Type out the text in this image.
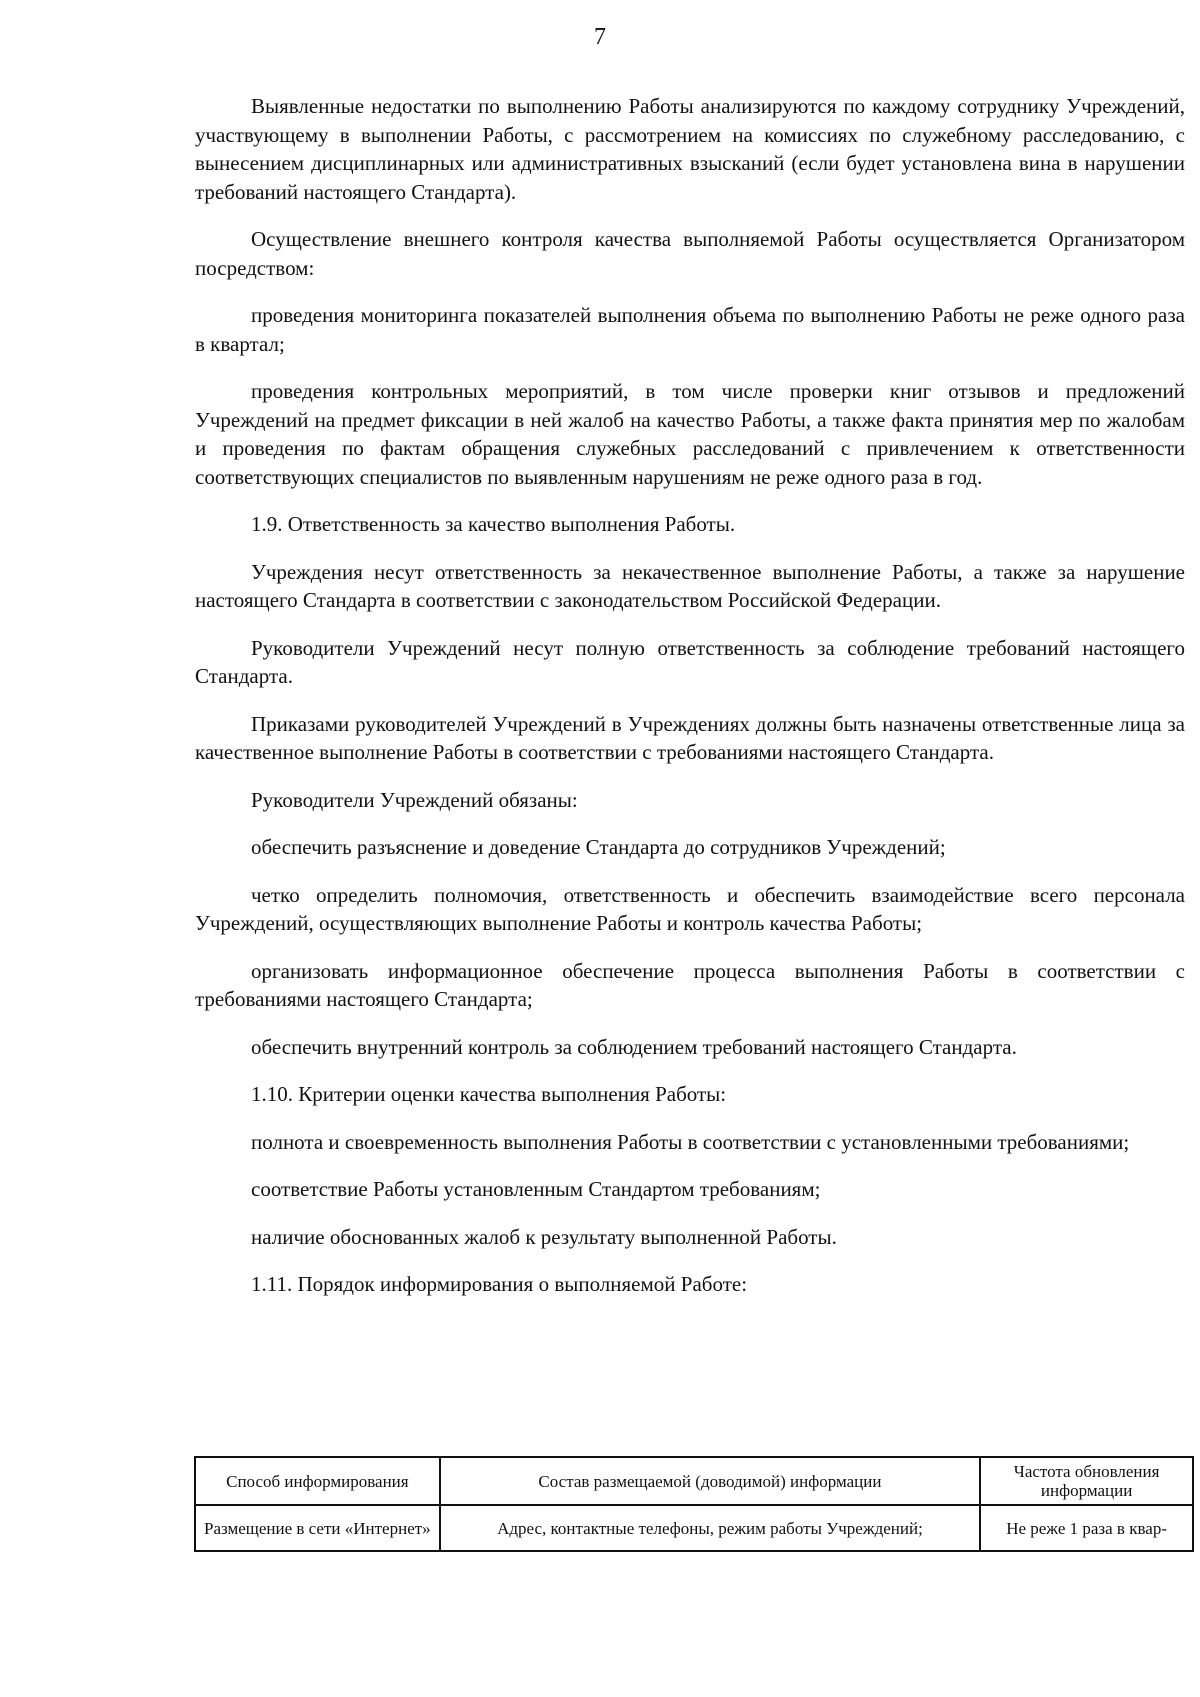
7

Выявленные недостатки по выполнению Работы анализируются по каждому сотруднику Учреждений, участвующему в выполнении Работы, с рассмотрением на комиссиях по служебному расследованию, с вынесением дисциплинарных или административных взысканий (если будет установлена вина в нарушении требований настоящего Стандарта).

Осуществление внешнего контроля качества выполняемой Работы осуществляется Организатором посредством:

проведения мониторинга показателей выполнения объема по выполнению Работы не реже одного раза в квартал;

проведения контрольных мероприятий, в том числе проверки книг отзывов и предложений Учреждений на предмет фиксации в ней жалоб на качество Работы, а также факта принятия мер по жалобам и проведения по фактам обращения служебных расследований с привлечением к ответственности соответствующих специалистов по выявленным нарушениям не реже одного раза в год.

1.9. Ответственность за качество выполнения Работы.

Учреждения несут ответственность за некачественное выполнение Работы, а также за нарушение настоящего Стандарта в соответствии с законодательством Российской Федерации.

Руководители Учреждений несут полную ответственность за соблюдение требований настоящего Стандарта.

Приказами руководителей Учреждений в Учреждениях должны быть назначены ответственные лица за качественное выполнение Работы в соответствии с требованиями настоящего Стандарта.

Руководители Учреждений обязаны:

обеспечить разъяснение и доведение Стандарта до сотрудников Учреждений;

четко определить полномочия, ответственность и обеспечить взаимодействие всего персонала Учреждений, осуществляющих выполнение Работы и контроль качества Работы;

организовать информационное обеспечение процесса выполнения Работы в соответствии с требованиями настоящего Стандарта;

обеспечить внутренний контроль за соблюдением требований настоящего Стандарта.

1.10. Критерии оценки качества выполнения Работы:

полнота и своевременность выполнения Работы в соответствии с установленными требованиями;

соответствие Работы установленным Стандартом требованиям;

наличие обоснованных жалоб к результату выполненной Работы.

1.11. Порядок информирования о выполняемой Работе:

Способ информирования	Состав размещаемой (доводимой) информации	Частота обновления информации
Размещение в сети «Интернет»	Адрес, контактные телефоны, режим работы Учреждений;	Не реже 1 раза в квар-
